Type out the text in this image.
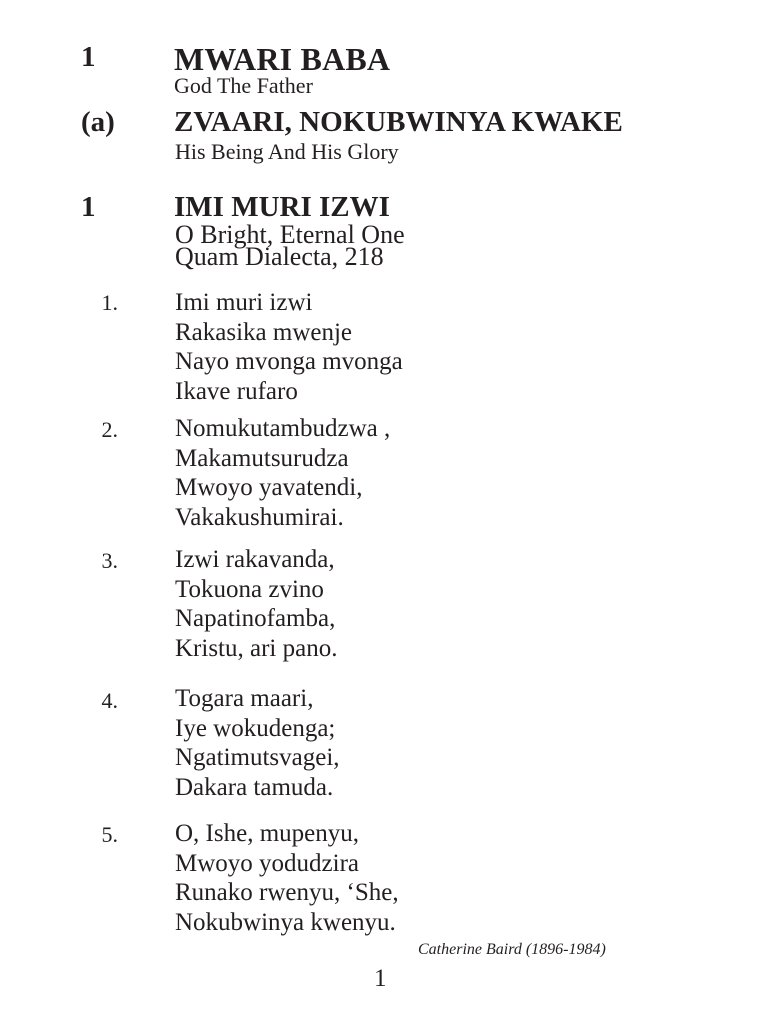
1 MWARI BABA
God The Father
(a) ZVAARI, NOKUBWINYA KWAKE
His Being And His Glory
1	IMI MURI IZWI
O Bright, Eternal One
Quam Dialecta, 218
1. Imi muri izwi
Rakasika mwenje
Nayo mvonga mvonga
Ikave rufaro
2. Nomukutambudzwa ,
Makamutsurudza
Mwoyo yavatendi,
Vakakushumirai.
3. Izwi rakavanda,
Tokuona zvino
Napatinofamba,
Kristu, ari pano.
4. Togara maari,
Iye wokudenga;
Ngatimutsvagei,
Dakara tamuda.
5. O, Ishe, mupenyu,
Mwoyo yodudzira
Runako rwenyu, ‘She,
Nokubwinya kwenyu.
Catherine Baird (1896-1984)
1
